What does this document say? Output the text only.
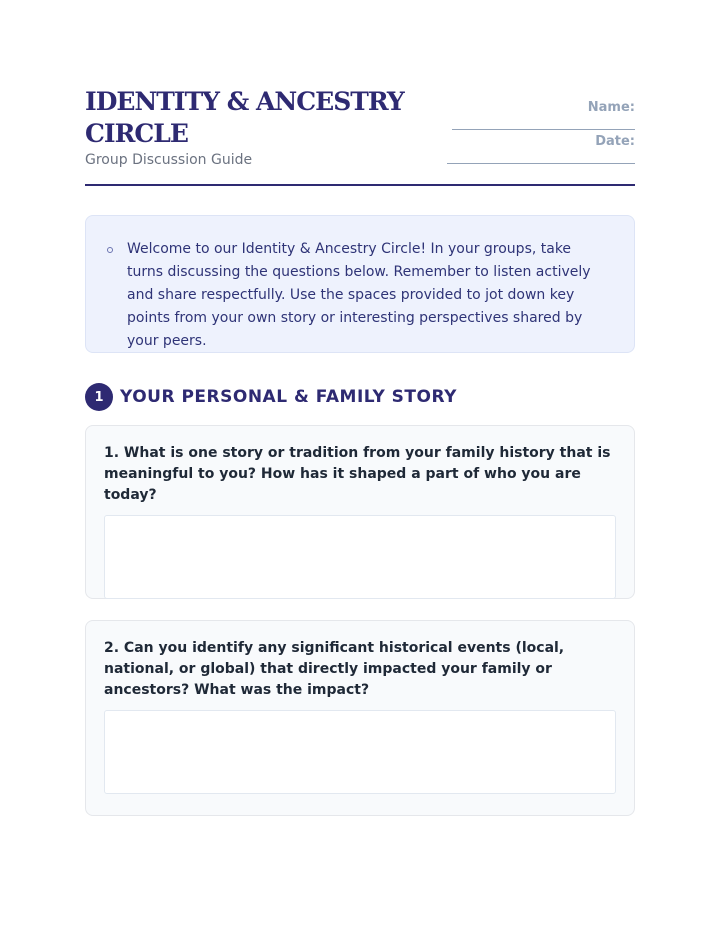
IDENTITY & ANCESTRY CIRCLE
Group Discussion Guide
Name:
Date:

Welcome to our Identity & Ancestry Circle! In your groups, take turns discussing the questions below. Remember to listen actively and share respectfully. Use the spaces provided to jot down key points from your own story or interesting perspectives shared by your peers.

1 YOUR PERSONAL & FAMILY STORY

1. What is one story or tradition from your family history that is meaningful to you? How has it shaped a part of who you are today?

2. Can you identify any significant historical events (local, national, or global) that directly impacted your family or ancestors? What was the impact?
